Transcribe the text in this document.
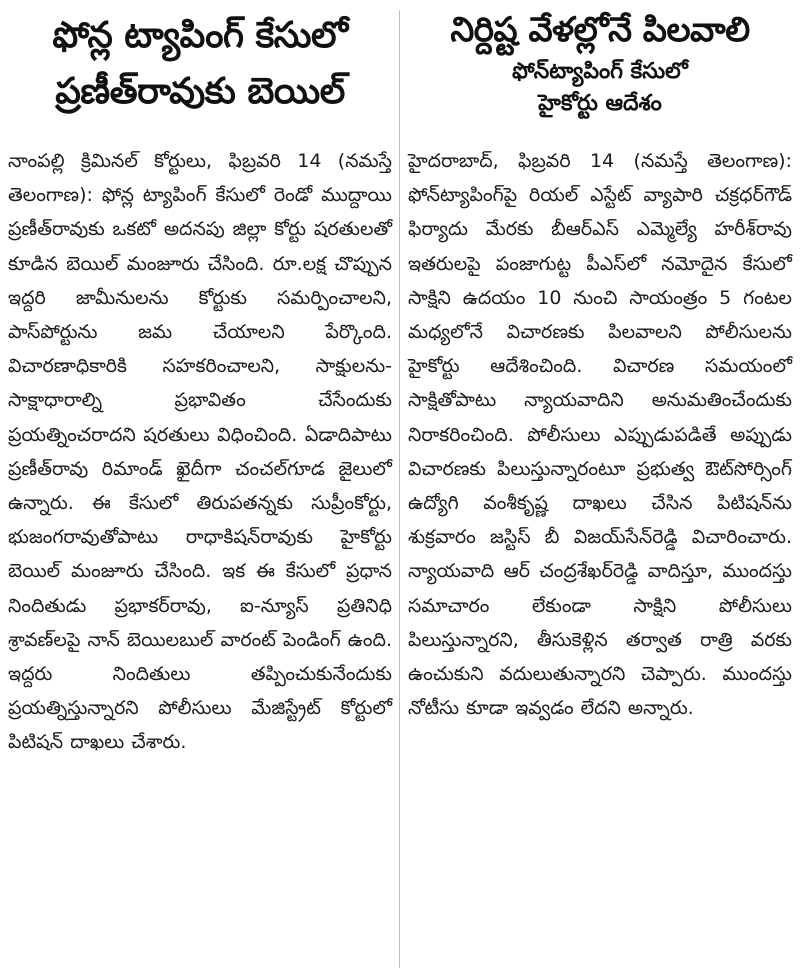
ఫోన్ల ట్యాపింగ్ కేసులో
ప్రణీత్‌రావుకు బెయిల్

నాంపల్లి క్రిమినల్ కోర్టులు, ఫిబ్రవరి 14 (నమస్తే తెలంగాణ): ఫోన్ల ట్యాపింగ్ కేసులో రెండో ముద్దాయి ప్రణీత్‌రావుకు ఒకటో అదనపు జిల్లా కోర్టు షరతులతో కూడిన బెయిల్ మంజూరు చేసింది. రూ.లక్ష చొప్పున ఇద్దరి జామీనులను కోర్టుకు సమర్పించాలని, పాస్‌పోర్టును జమ చేయాలని పేర్కొంది. విచారణాధికారికి సహకరించాలని, సాక్షులను-సాక్షాధారాల్ని ప్రభావితం చేసేందుకు ప్రయత్నించరాదని షరతులు విధించింది. ఏడాదిపాటు ప్రణీత్‌రావు రిమాండ్ ఖైదీగా చంచల్‌గూడ జైలులో ఉన్నారు. ఈ కేసులో తిరుపతన్నకు సుప్రీంకోర్టు, భుజంగరావుతోపాటు రాధాకిషన్‌రావుకు హైకోర్టు బెయిల్ మంజూరు చేసింది. ఇక ఈ కేసులో ప్రధాన నిందితుడు ప్రభాకర్‌రావు, ఐ-న్యూస్ ప్రతినిధి శ్రావణ్‌లపై నాన్ బెయిలబుల్ వారంట్ పెండింగ్ ఉంది. ఇద్దరు నిందితులు తప్పించుకునేందుకు ప్రయత్నిస్తున్నారని పోలీసులు మేజిస్ట్రేట్ కోర్టులో పిటిషన్ దాఖలు చేశారు.

నిర్దిష్ట వేళల్లోనే పిలవాలి

ఫోన్‌ట్యాపింగ్ కేసులో

హైకోర్టు ఆదేశం

హైదరాబాద్, ఫిబ్రవరి 14 (నమస్తే తెలంగాణ): ఫోన్‌ట్యాపింగ్‌పై రియల్ ఎస్టేట్ వ్యాపారి చక్రధర్‌గౌడ్ ఫిర్యాదు మేరకు బీఆర్‌ఎస్ ఎమ్మెల్యే హరీశ్‌రావు ఇతరులపై పంజాగుట్ట పీఎస్‌లో నమోదైన కేసులో సాక్షిని ఉదయం 10 నుంచి సాయంత్రం 5 గంటల మధ్యలోనే విచారణకు పిలవాలని పోలీసులను హైకోర్టు ఆదేశించింది. విచారణ సమయంలో సాక్షితోపాటు న్యాయవాదిని అనుమతించేందుకు నిరాకరించింది. పోలీసులు ఎప్పుడుపడితే అప్పుడు విచారణకు పిలుస్తున్నారంటూ ప్రభుత్వ ఔట్‌సోర్సింగ్ ఉద్యోగి వంశీకృష్ణ దాఖలు చేసిన పిటిషన్‌ను శుక్రవారం జస్టిస్ బీ విజయ్‌సేన్‌రెడ్డి విచారించారు. న్యాయవాది ఆర్ చంద్రశేఖర్‌రెడ్డి వాదిస్తూ, ముందస్తు సమాచారం లేకుండా సాక్షిని పోలీసులు పిలుస్తున్నారని, తీసుకెళ్లిన తర్వాత రాత్రి వరకు ఉంచుకుని వదులుతున్నారని చెప్పారు. ముందస్తు నోటీసు కూడా ఇవ్వడం లేదని అన్నారు.
